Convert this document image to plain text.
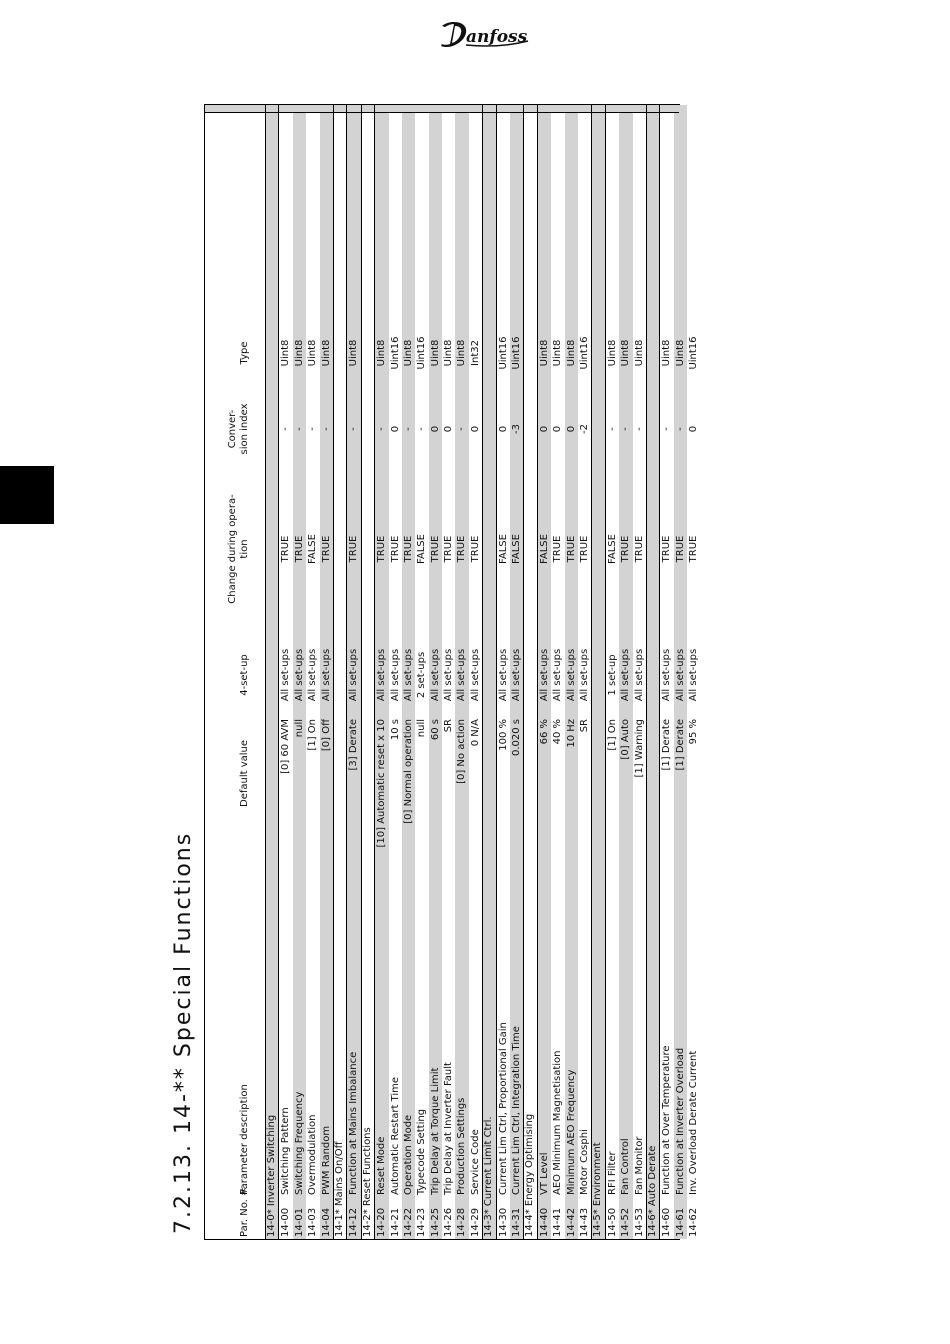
anfoss
7.2.13. 14-** Special Functions	Par. No. #
Parameter description
Default value
4-set-up
Change during opera- tion
Conver- sion index
Type
14-0* Inverter Switching 14-00
Switching Pattern
[0] 60 AVM
All set-ups
TRUE
-
Uint8
14-01
Switching Frequency
null
All set-ups
TRUE
-
Uint8
14-03
Overmodulation
[1] On
All set-ups
FALSE
-
Uint8
14-04
PWM Random
[0] Off
All set-ups
TRUE
-
Uint8
14-1* Mains On/Off 14-12
Function at Mains Imbalance
[3] Derate
All set-ups
TRUE
-
Uint8
14-2* Reset Functions 14-20
Reset Mode
[10] Automatic reset x 10
All set-ups
TRUE
-
Uint8
14-21
Automatic Restart Time
10 s
All set-ups
TRUE
0
Uint16
14-22
Operation Mode
[0] Normal operation
All set-ups
TRUE
-
Uint8
14-23
Typecode Setting
null
2 set-ups
FALSE
-
Uint16
14-25
Trip Delay at Torque Limit
60 s
All set-ups
TRUE
0
Uint8
14-26
Trip Delay at Inverter Fault
SR
All set-ups
TRUE
0
Uint8
14-28
Production Settings
[0] No action
All set-ups
TRUE
-
Uint8
14-29
Service Code
0 N/A
All set-ups
TRUE
0
Int32
14-3* Current Limit Ctrl. 14-30
Current Lim Ctrl, Proportional Gain
100 %
All set-ups
FALSE
0
Uint16
14-31
Current Lim Ctrl, Integration Time
0.020 s
All set-ups
FALSE
-3
Uint16
14-4* Energy Optimising 14-40
VT Level
66 %
All set-ups
FALSE
0
Uint8
14-41
AEO Minimum Magnetisation
40 %
All set-ups
TRUE
0
Uint8
14-42
Minimum AEO Frequency
10 Hz
All set-ups
TRUE
0
Uint8
14-43
Motor Cosphi
SR
All set-ups
TRUE
-2
Uint16
14-5* Environment 14-50
RFI Filter
[1] On
1 set-up
FALSE
-
Uint8
14-52
Fan Control
[0] Auto
All set-ups
TRUE
-
Uint8
14-53
Fan Monitor
[1] Warning
All set-ups
TRUE
-
Uint8
14-6* Auto Derate 14-60
Function at Over Temperature
[1] Derate
All set-ups
TRUE
-
Uint8
14-61
Function at Inverter Overload
[1] Derate
All set-ups
TRUE
-
Uint8
14-62
Inv. Overload Derate Current
95 %
All set-ups
TRUE
0
Uint16
